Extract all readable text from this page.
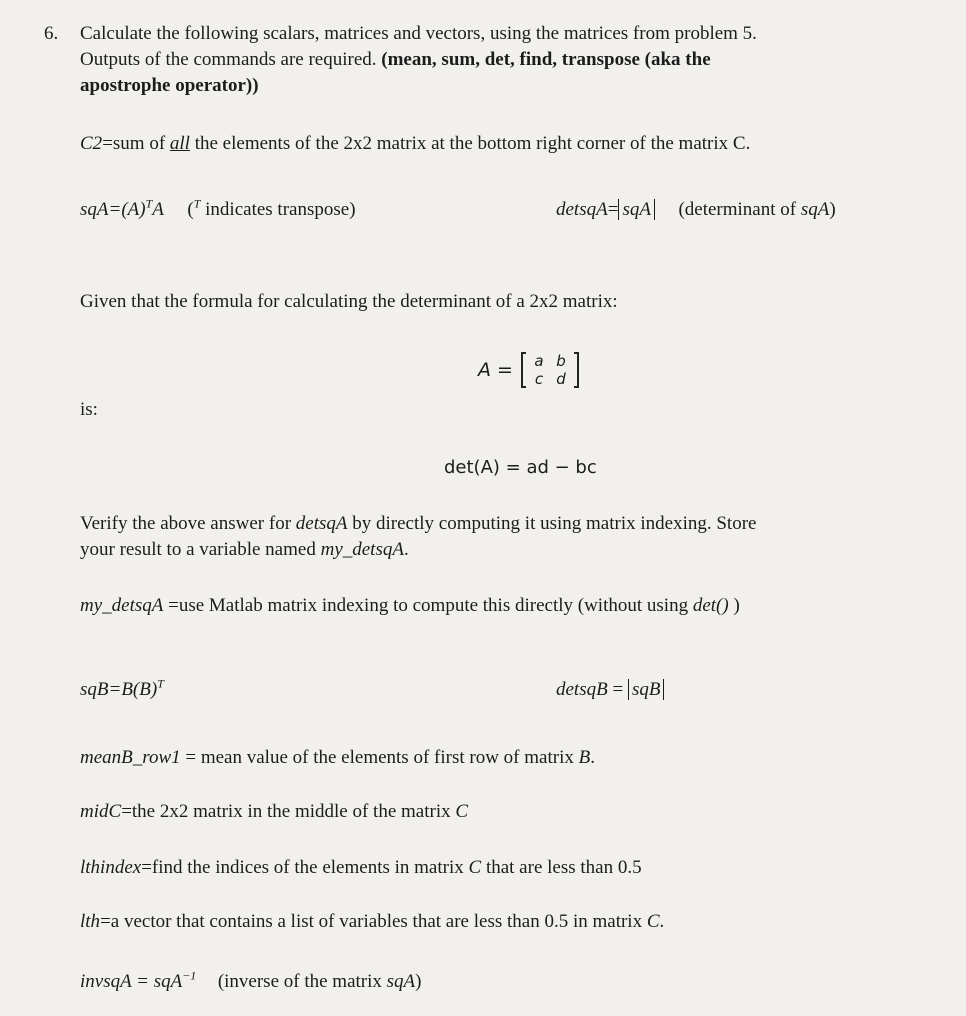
6. Calculate the following scalars, matrices and vectors, using the matrices from problem 5.
Outputs of the commands are required. (mean, sum, det, find, transpose (aka the
apostrophe operator))
C2=sum of all the elements of the 2x2 matrix at the bottom right corner of the matrix C.
$sqA=(A)^TA$ ($^T$ indicates transpose)	detsqA= sqA (determinant of sqA)
Given that the formula for calculating the determinant of a 2x2 matrix:
A =	a b
c d
is:
det(A) = ad − bc
Verify the above answer for detsqA by directly computing it using matrix indexing. Store
your result to a variable named my_detsqA.
my_detsqA =use Matlab matrix indexing to compute this directly (without using det() )
$sqB=B(B)^T$	detsqB = sqB
meanB_row1 = mean value of the elements of first row of matrix B.
midC=the 2x2 matrix in the middle of the matrix C
lthindex=find the indices of the elements in matrix C that are less than 0.5
lth=a vector that contains a list of variables that are less than 0.5 in matrix C.
invsqA = sqA$^{-1}$ (inverse of the matrix sqA)
